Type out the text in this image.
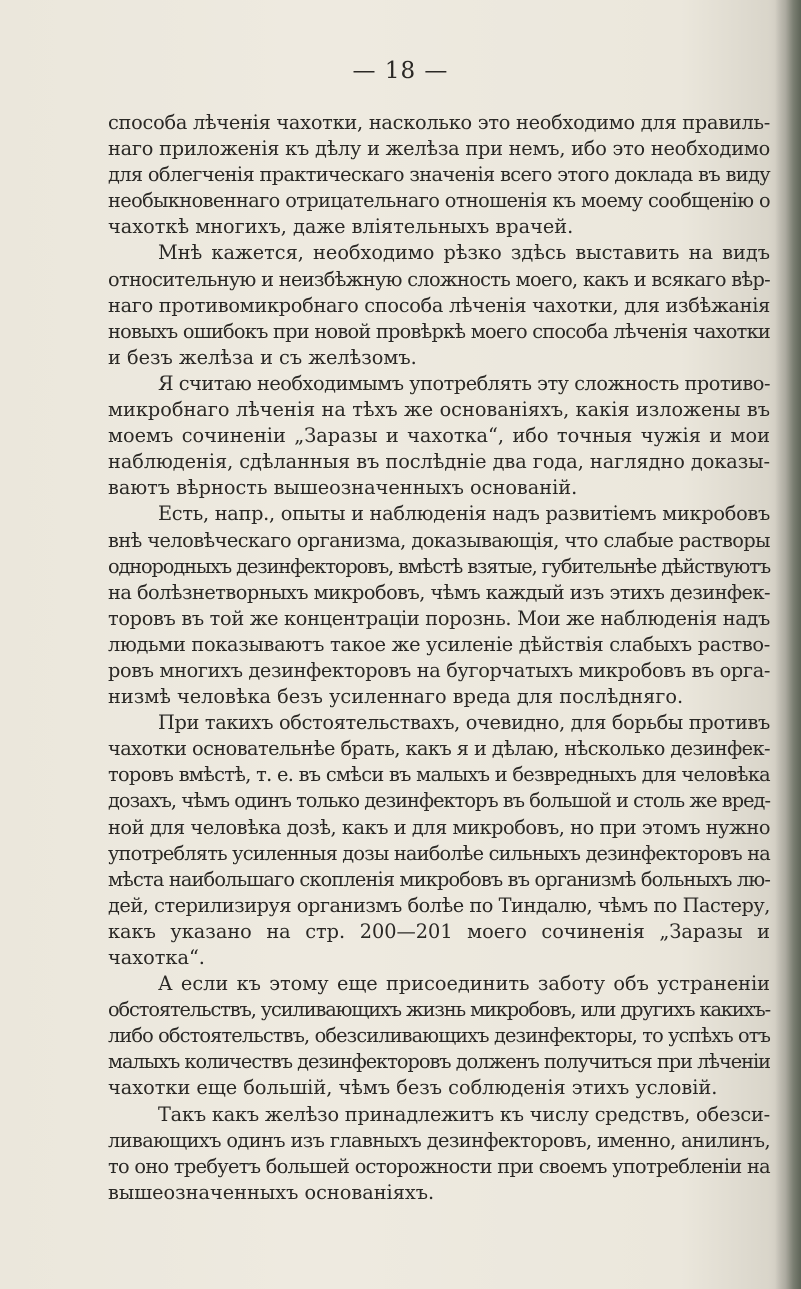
— 18 —

способа лѣченія чахотки, насколько это необходимо для правиль-
наго приложенія къ дѣлу и желѣза при немъ, ибо это необходимо
для облегченія практическаго значенія всего этого доклада въ виду
необыкновеннаго отрицательнаго отношенія къ моему сообщенію о
чахоткѣ многихъ, даже вліятельныхъ врачей.

Мнѣ кажется, необходимо рѣзко здѣсь выставить на видъ
относительную и неизбѣжную сложность моего, какъ и всякаго вѣр-
наго противомикробнаго способа лѣченія чахотки, для избѣжанія
новыхъ ошибокъ при новой провѣркѣ моего способа лѣченія чахотки
и безъ желѣза и съ желѣзомъ.

Я считаю необходимымъ употреблять эту сложность противо-
микробнаго лѣченія на тѣхъ же основаніяхъ, какія изложены въ
моемъ сочиненіи „Заразы и чахотка“, ибо точныя чужія и мои
наблюденія, сдѣланныя въ послѣдніе два года, наглядно доказы-
ваютъ вѣрность вышеозначенныхъ основаній.

Есть, напр., опыты и наблюденія надъ развитіемъ микробовъ
внѣ человѣческаго организма, доказывающія, что слабые растворы
однородныхъ дезинфекторовъ, вмѣстѣ взятые, губительнѣе дѣйствуютъ
на болѣзнетворныхъ микробовъ, чѣмъ каждый изъ этихъ дезинфек-
торовъ въ той же концентраціи порознь. Мои же наблюденія надъ
людьми показываютъ такое же усиленіе дѣйствія слабыхъ раство-
ровъ многихъ дезинфекторовъ на бугорчатыхъ микробовъ въ орга-
низмѣ человѣка безъ усиленнаго вреда для послѣдняго.

При такихъ обстоятельствахъ, очевидно, для борьбы противъ
чахотки основательнѣе брать, какъ я и дѣлаю, нѣсколько дезинфек-
торовъ вмѣстѣ, т. е. въ смѣси въ малыхъ и безвредныхъ для человѣка
дозахъ, чѣмъ одинъ только дезинфекторъ въ большой и столь же вред-
ной для человѣка дозѣ, какъ и для микробовъ, но при этомъ нужно
употреблять усиленныя дозы наиболѣе сильныхъ дезинфекторовъ на
мѣста наибольшаго скопленія микробовъ въ организмѣ больныхъ лю-
дей, стерилизируя организмъ болѣе по Тиндалю, чѣмъ по Пастеру,
какъ указано на стр. 200—201 моего сочиненія „Заразы и
чахотка“.

А если къ этому еще присоединить заботу объ устраненіи
обстоятельствъ, усиливающихъ жизнь микробовъ, или другихъ какихъ-
либо обстоятельствъ, обезсиливающихъ дезинфекторы, то успѣхъ отъ
малыхъ количествъ дезинфекторовъ долженъ получиться при лѣченіи
чахотки еще большій, чѣмъ безъ соблюденія этихъ условій.

Такъ какъ желѣзо принадлежитъ къ числу средствъ, обезси-
ливающихъ одинъ изъ главныхъ дезинфекторовъ, именно, анилинъ,
то оно требуетъ большей осторожности при своемъ употребленіи на
вышеозначенныхъ основаніяхъ.
